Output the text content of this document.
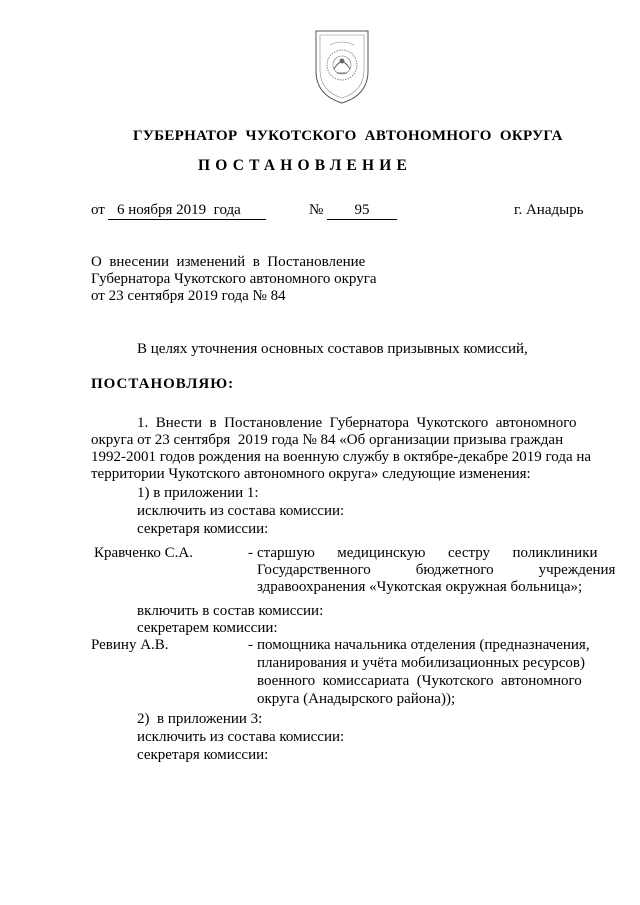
ГУБЕРНАТОР  ЧУКОТСКОГО  АВТОНОМНОГО  ОКРУГА
ПОСТАНОВЛЕНИЕ
от 6 ноября 2019  года	№	95	г. Анадырь
О  внесении  изменений  в  Постановление
Губернатора Чукотского автономного округа
от 23 сентября 2019 года № 84
В целях уточнения основных составов призывных комиссий,
ПОСТАНОВЛЯЮ:
1.  Внести  в  Постановление  Губернатора  Чукотского  автономного
округа от 23 сентября  2019 года № 84 «Об организации призыва граждан
1992-2001 годов рождения на военную службу в октябре-декабре 2019 года на
территории Чукотского автономного округа» следующие изменения:
1) в приложении 1:
исключить из состава комиссии:
секретаря комиссии:
Кравченко С.А.	- старшую      медицинскую      сестру      поликлиники
Государственного            бюджетного            учреждения
здравоохранения «Чукотская окружная больница»;
включить в состав комиссии:
секретарем комиссии:
Ревину А.В.	- помощника начальника отделения (предназначения,
планирования и учёта мобилизационных ресурсов)
военного  комиссариата  (Чукотского  автономного
округа (Анадырского района));
2)  в приложении 3:
исключить из состава комиссии:
секретаря комиссии:
